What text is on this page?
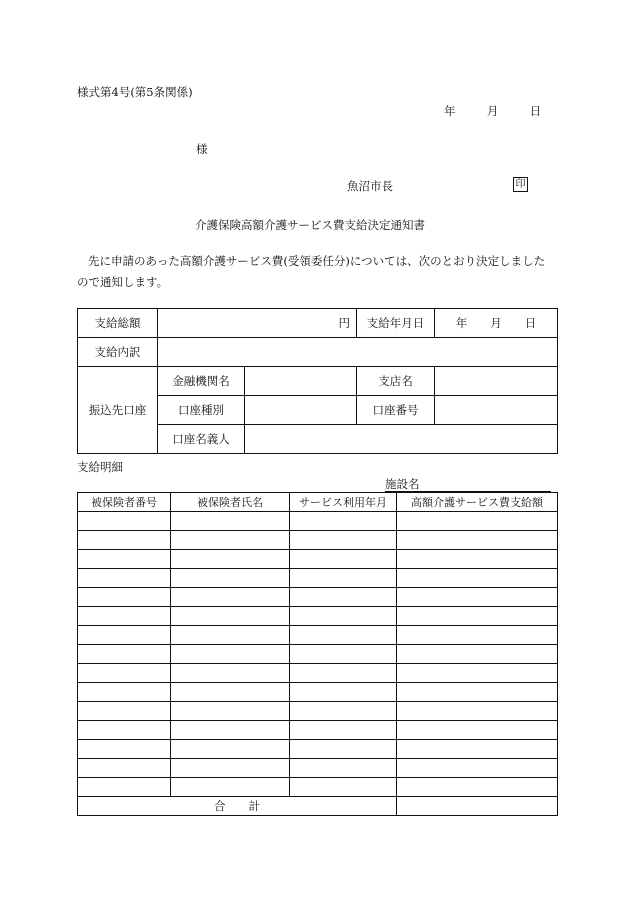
様式第4号(第5条関係)
年	月	日
様
魚沼市長	印
介護保険高額介護サービス費支給決定通知書
先に申請のあった高額介護サービス費(受領委任分)については、次のとおり決定しましたので通知します。
支給総額	円		支給年月日	年　　月　　日
支給内訳				
振込先口座	金融機関名		支店名	
	口座種別		口座番号	
	口座名義人			
支給明細
施設名
被保険者番号	被保険者氏名	サービス利用年月	高額介護サービス費支給額

合　　計			
